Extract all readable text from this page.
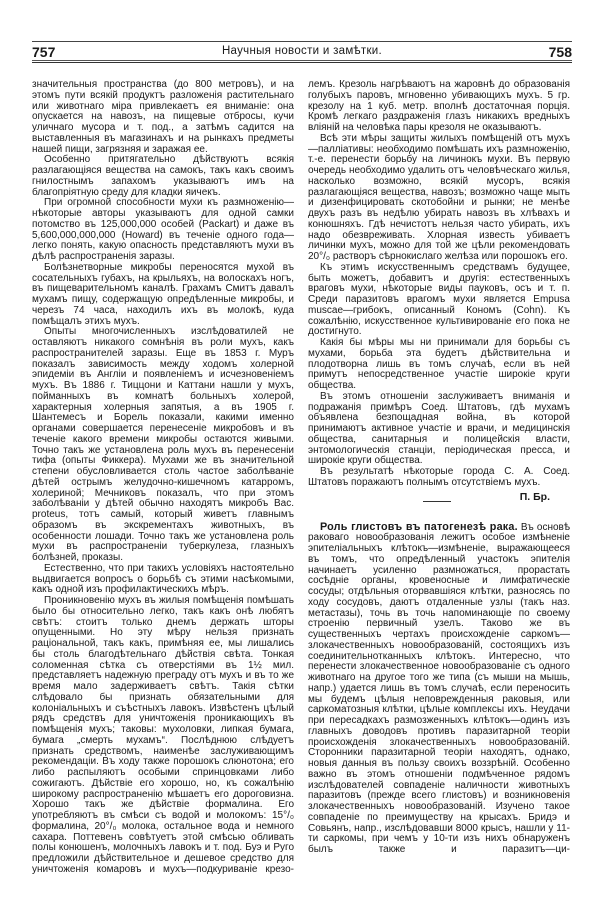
757	Научныя новости и замѣтки.	758

значительныя пространства (до 800 метровъ), и на этомъ пути всякій продуктъ разложенія растительнаго или животнаго міра привлекаетъ ея вниманіе: она опускается на навозъ, на пищевые отбросы, кучи уличнаго мусора и т. под., а затѣмъ садится на выставленныя въ магазинахъ и на рынкахъ предметы нашей пищи, загрязняя и заражая ее.

Особенно притягательно дѣйствуютъ всякія разлагающіяся вещества на самокъ, такъ какъ своимъ гнилостнымъ запахомъ указываютъ имъ на благопріятную среду для кладки яичекъ.

При огромной способности мухи къ размноженію—нѣкоторые авторы указываютъ для одной самки потомство въ 125,000,000 особей (Packart) и даже въ 5,600,000,000,000 (Howard) въ теченіе одного года—легко понять, какую опасность представляютъ мухи въ дѣлѣ распространенія заразы.

Болѣзнетворные микробы переносятся мухой въ сосательныхъ губахъ, на крыльяхъ, на волоскахъ ногъ, въ пищеварительномъ каналѣ. Грахамъ Смитъ давалъ мухамъ пищу, содержащую опредѣленные микробы, и черезъ 74 часа, находилъ ихъ въ молокѣ, куда помѣщалъ этихъ мухъ.

Опыты многочисленныхъ изслѣдоватилей не оставляютъ никакого сомнѣнія въ роли мухъ, какъ распространителей заразы. Еще въ 1853 г. Муръ показалъ зависимость между ходомъ холерной эпидеміи въ Англіи и появленіемъ и исчезновеніемъ мухъ. Въ 1886 г. Тиццони и Каттани нашли у мухъ, пойманныхъ въ комнатѣ больныхъ холерой, характерныя холерныя запятыя, а въ 1905 г. Шантемесъ и Борель показали, какими именно органами совершается перенесеніе микробовъ и въ теченіе какого времени микробы остаются живыми. Точно такъ же установлена роль мухъ въ перенесеніи тифа (опыты Фиккера). Мухами же въ значительной степени обусловливается столь частое заболѣваніе дѣтей острымъ желудочно-кишечномъ катарромъ, холериной; Мечниковъ показалъ, что при этомъ заболѣваніи у дѣтей обычно находятъ микробъ Bac. proteus, тотъ самый, который живетъ главнымъ образомъ въ экскрементахъ животныхъ, въ особенности лошади. Точно такъ же установлена роль мухи въ распространеніи туберкулеза, глазныхъ болѣзней, проказы.

Естественно, что при такихъ условіяхъ настоятельно выдвигается вопросъ о борьбѣ съ этими насѣкомыми, какъ одной изъ профилактическихъ мѣръ.

Проникновенію мухъ въ жилыя помѣщенія помѣшать было бы относительно легко, такъ какъ онѣ любятъ свѣтъ: стоитъ только днемъ держать шторы опущенными. Но эту мѣру нельзя признать раціональной, такъ какъ, примѣняя ее, мы лишались бы столь благодѣтельнаго дѣйствія свѣта. Тонкая соломенная сѣтка съ отверстіями въ 1½ мил. представляетъ надежную преграду отъ мухъ и въ то же время мало задерживаетъ свѣтъ. Такія сѣтки слѣдовало бы признать обязательными для колоніальныхъ и съѣстныхъ лавокъ. Извѣстенъ цѣлый рядъ средствъ для уничтоженія проникающихъ въ помѣщенія мухъ; таковы: мухоловки, липкая бумага, бумага „смерть мухамъ“. Послѣднюю слѣдуетъ признать средствомъ, наименѣе заслуживающимъ рекомендаціи. Въ ходу также порошокъ слюнотона; его либо распыляютъ особыми спринцовками либо сожигаютъ. Дѣйствіе его хорошо, но, къ сожалѣнію широкому распространенію мѣшаетъ его дороговизна. Хорошо такъ же дѣйствіе формалина. Его употребляютъ въ смѣси съ водой и молокомъ: 15°/₀ формалина, 20°/₀ молока, остальное вода и немного сахара. Поттевенъ совѣтуетъ этой смѣсью обливать полы конюшенъ, молочныхъ лавокъ и т. под. Буэ и Руго предложили дѣйствительное и дешевое средство для уничтоженія комаровъ и мухъ—подкуриваніе крезо-

лемъ. Крезоль нагрѣваютъ на жаровнѣ до образованія голубыхъ паровъ, мгновенно убивающихъ мухъ. 5 гр. крезолу на 1 куб. метр. вполнѣ достаточная порція. Кромѣ легкаго раздраженія глазъ никакихъ вредныхъ вліяній на человѣка пары крезоля не оказываютъ.

Всѣ эти мѣры защиты жилыхъ помѣщеній отъ мухъ—палліативы: необходимо помѣшать ихъ размноженію, т.-е. перенести борьбу на личинокъ мухи. Въ первую очередь необходимо удалить отъ человѣческаго жилья, насколько возможно, всякій мусоръ, всякія разлагающіяся вещества, навозъ; возможно чаще мыть и дизенфицировать скотобойни и рынки; не менѣе двухъ разъ въ недѣлю убирать навозъ въ хлѣвахъ и конюшняхъ. Гдѣ нечистотъ нельзя часто убирать, ихъ надо обезвреживать. Хлорная известь убиваетъ личинки мухъ, можно для той же цѣли рекомендовать 20°/₀ растворъ сѣрнокислаго желѣза или порошокъ его.

Къ этимъ искусственнымъ средствамъ будущее, быть можетъ, добавитъ и другія: естественныхъ враговъ мухи, нѣкоторые виды пауковъ, осъ и т. п. Среди паразитовъ врагомъ мухи является Empusa muscae—грибокъ, описанный Кономъ (Cohn). Къ сожалѣнію, искусственное культивированіе его пока не достигнуто.

Какія бы мѣры мы ни принимали для борьбы съ мухами, борьба эта будетъ дѣйствительна и плодотворна лишь въ томъ случаѣ, если въ ней примутъ непосредственное участіе широкіе круги общества.

Въ этомъ отношеніи заслуживаетъ вниманія и подражанія примѣръ Соед. Штатовъ, гдѣ мухамъ объявлена безпощадная война, въ которой принимаютъ активное участіе и врачи, и медицинскія общества, санитарныя и полицейскія власти, энтомологическія станціи, періодическая пресса, и широкіе круги общества.

Въ результатѣ нѣкоторые города С. А. Соед. Штатовъ поражаютъ полнымъ отсутствіемъ мухъ.

П. Бр.

Роль глистовъ въ патогенезѣ рака. Въ основѣ раковаго новообразованія лежитъ особое измѣненіе эпителіальныхъ клѣтокъ—измѣненіе, выражающееся въ томъ, что опредѣленный участокъ эпителія начинаетъ усиленно размножаться, прорастать сосѣдніе органы, кровеносные и лимфатическіе сосуды; отдѣльныя оторвавшіяся клѣтки, разносясь по ходу сосудовъ, даютъ отдаленные узлы (такъ наз. метастазы), точь въ точь напоминающіе по своему строенію первичный узелъ. Таково же въ существенныхъ чертахъ происхожденіе саркомъ—злокачественныхъ новообразованій, состоящихъ изъ соединительнотканныхъ клѣтокъ. Интересно, что перенести злокачественное новообразованіе съ одного животнаго на другое того же типа (съ мыши на мышь, напр.) удается лишь въ томъ случаѣ, если переносить мы будемъ цѣлыя неповрежденныя раковыя, или саркоматозныя клѣтки, цѣлые комплексы ихъ. Неудачи при пересадкахъ размозженныхъ клѣтокъ—одинъ изъ главныхъ доводовъ противъ паразитарной теоріи происхожденія злокачественныхъ новообразованій. Сторонники паразитарной теоріи находятъ, однако, новыя данныя въ пользу своихъ воззрѣній. Особенно важно въ этомъ отношеніи подмѣченное рядомъ изслѣдователей совпаденіе наличности животныхъ паразитовъ (прежде всего глистовъ) и возникновенія злокачественныхъ новообразованій. Изучено такое совпаденіе по преимуществу на крысахъ. Бридэ и Совьянъ, напр., изслѣдовавши 8000 крысъ, нашли у 11-ти саркомы, при чемъ у 10-ти изъ нихъ обнаруженъ былъ также и паразитъ—ци-
